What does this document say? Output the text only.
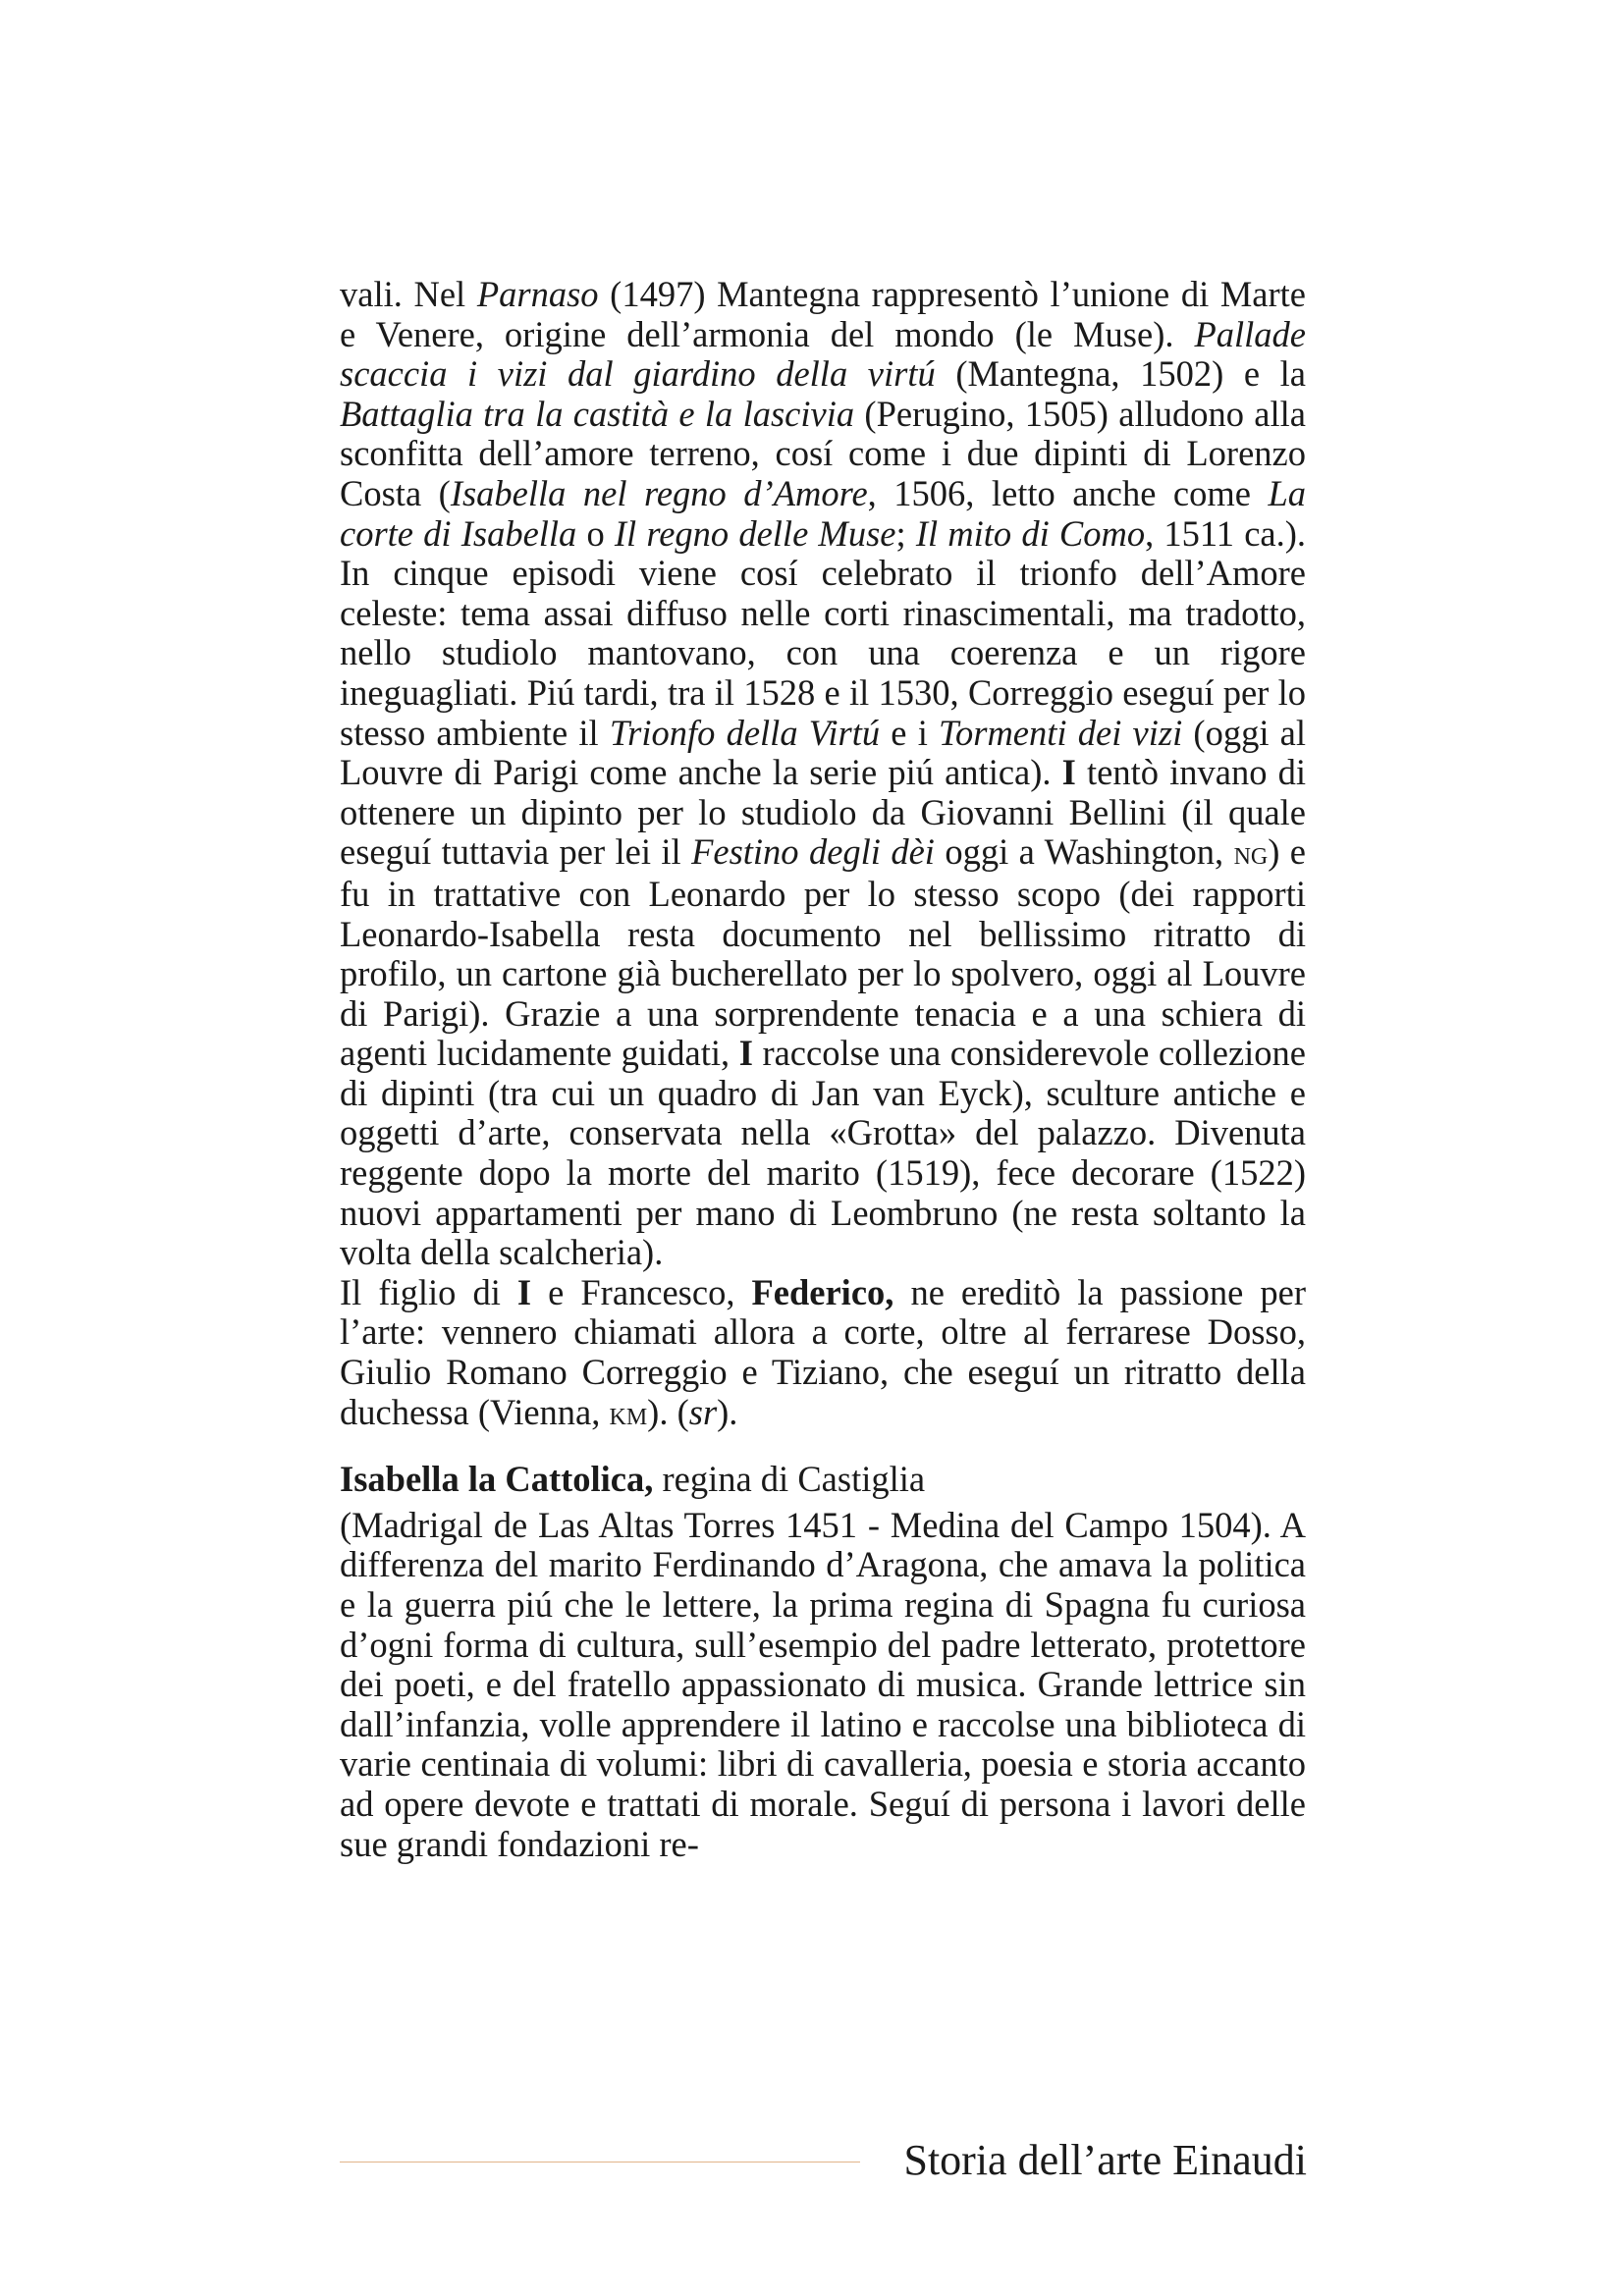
vali. Nel Parnaso (1497) Mantegna rappresentò l’unione di Marte e Venere, origine dell’armonia del mondo (le Muse). Pallade scaccia i vizi dal giardino della virtú (Mantegna, 1502) e la Battaglia tra la castità e la lascivia (Perugino, 1505) alludono alla sconfitta dell’amore terreno, cosí come i due dipinti di Lorenzo Costa (Isabella nel regno d’Amore, 1506, letto anche come La corte di Isabella o Il regno delle Muse; Il mito di Como, 1511 ca.). In cinque episodi viene cosí celebrato il trionfo dell’Amore celeste: tema assai diffuso nelle corti rinascimentali, ma tradotto, nello studiolo mantovano, con una coerenza e un rigore ineguagliati. Piú tardi, tra il 1528 e il 1530, Correggio eseguí per lo stesso ambiente il Trionfo della Virtú e i Tormenti dei vizi (oggi al Louvre di Parigi come anche la serie piú antica). I tentò invano di ottenere un dipinto per lo studiolo da Giovanni Bellini (il quale eseguí tuttavia per lei il Festino degli dèi oggi a Washington, ng) e fu in trattative con Leonardo per lo stesso scopo (dei rapporti Leonardo-Isabella resta documento nel bellissimo ritratto di profilo, un cartone già bucherellato per lo spolvero, oggi al Louvre di Parigi). Grazie a una sorprendente tenacia e a una schiera di agenti lucidamente guidati, I raccolse una considerevole collezione di dipinti (tra cui un quadro di Jan van Eyck), sculture antiche e oggetti d’arte, conservata nella «Grotta» del palazzo. Divenuta reggente dopo la morte del marito (1519), fece decorare (1522) nuovi appartamenti per mano di Leombruno (ne resta soltanto la volta della scalcheria).

Il figlio di I e Francesco, Federico, ne ereditò la passione per l’arte: vennero chiamati allora a corte, oltre al ferrarese Dosso, Giulio Romano Correggio e Tiziano, che eseguí un ritratto della duchessa (Vienna, km). (sr).

Isabella la Cattolica, regina di Castiglia

(Madrigal de Las Altas Torres 1451 - Medina del Campo 1504). A differenza del marito Ferdinando d’Aragona, che amava la politica e la guerra piú che le lettere, la prima regina di Spagna fu curiosa d’ogni forma di cultura, sull’esempio del padre letterato, protettore dei poeti, e del fratello appassionato di musica. Grande lettrice sin dall’infanzia, volle apprendere il latino e raccolse una biblioteca di varie centinaia di volumi: libri di cavalleria, poesia e storia accanto ad opere devote e trattati di morale. Seguí di persona i lavori delle sue grandi fondazioni re-

Storia dell’arte Einaudi
